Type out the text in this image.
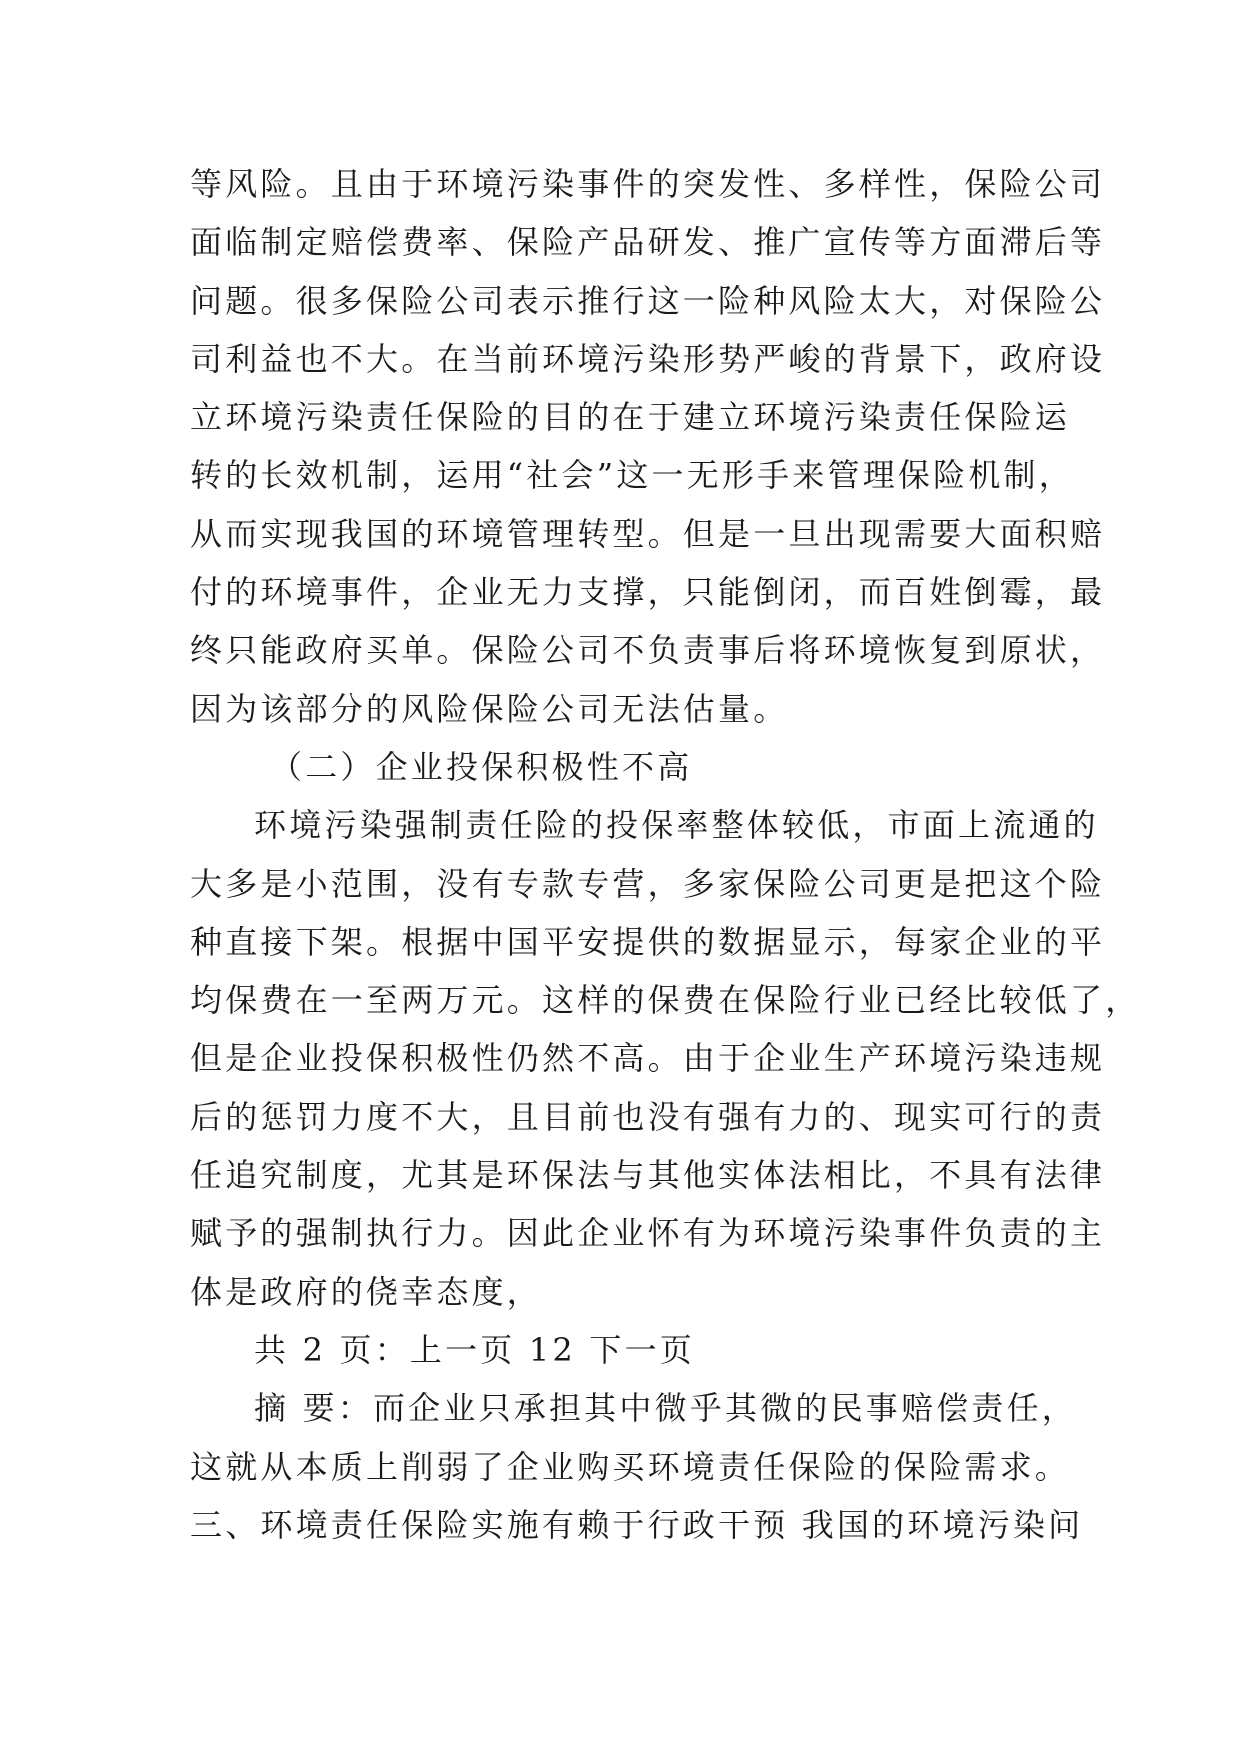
等风险。且由于环境污染事件的突发性、多样性，保险公司
面临制定赔偿费率、保险产品研发、推广宣传等方面滞后等
问题。很多保险公司表示推行这一险种风险太大，对保险公
司利益也不大。在当前环境污染形势严峻的背景下，政府设
立环境污染责任保险的目的在于建立环境污染责任保险运
转的长效机制，运用“社会”这一无形手来管理保险机制，
从而实现我国的环境管理转型。但是一旦出现需要大面积赔
付的环境事件，企业无力支撑，只能倒闭，而百姓倒霉，最
终只能政府买单。保险公司不负责事后将环境恢复到原状，
因为该部分的风险保险公司无法估量。
（二）企业投保积极性不高
环境污染强制责任险的投保率整体较低，市面上流通的
大多是小范围，没有专款专营，多家保险公司更是把这个险
种直接下架。根据中国平安提供的数据显示，每家企业的平
均保费在一至两万元。这样的保费在保险行业已经比较低了，
但是企业投保积极性仍然不高。由于企业生产环境污染违规
后的惩罚力度不大，且目前也没有强有力的、现实可行的责
任追究制度，尤其是环保法与其他实体法相比，不具有法律
赋予的强制执行力。因此企业怀有为环境污染事件负责的主
体是政府的侥幸态度，
共 2 页：上一页 12 下一页
摘 要：而企业只承担其中微乎其微的民事赔偿责任，
这就从本质上削弱了企业购买环境责任保险的保险需求。
三、环境责任保险实施有赖于行政干预 我国的环境污染问
